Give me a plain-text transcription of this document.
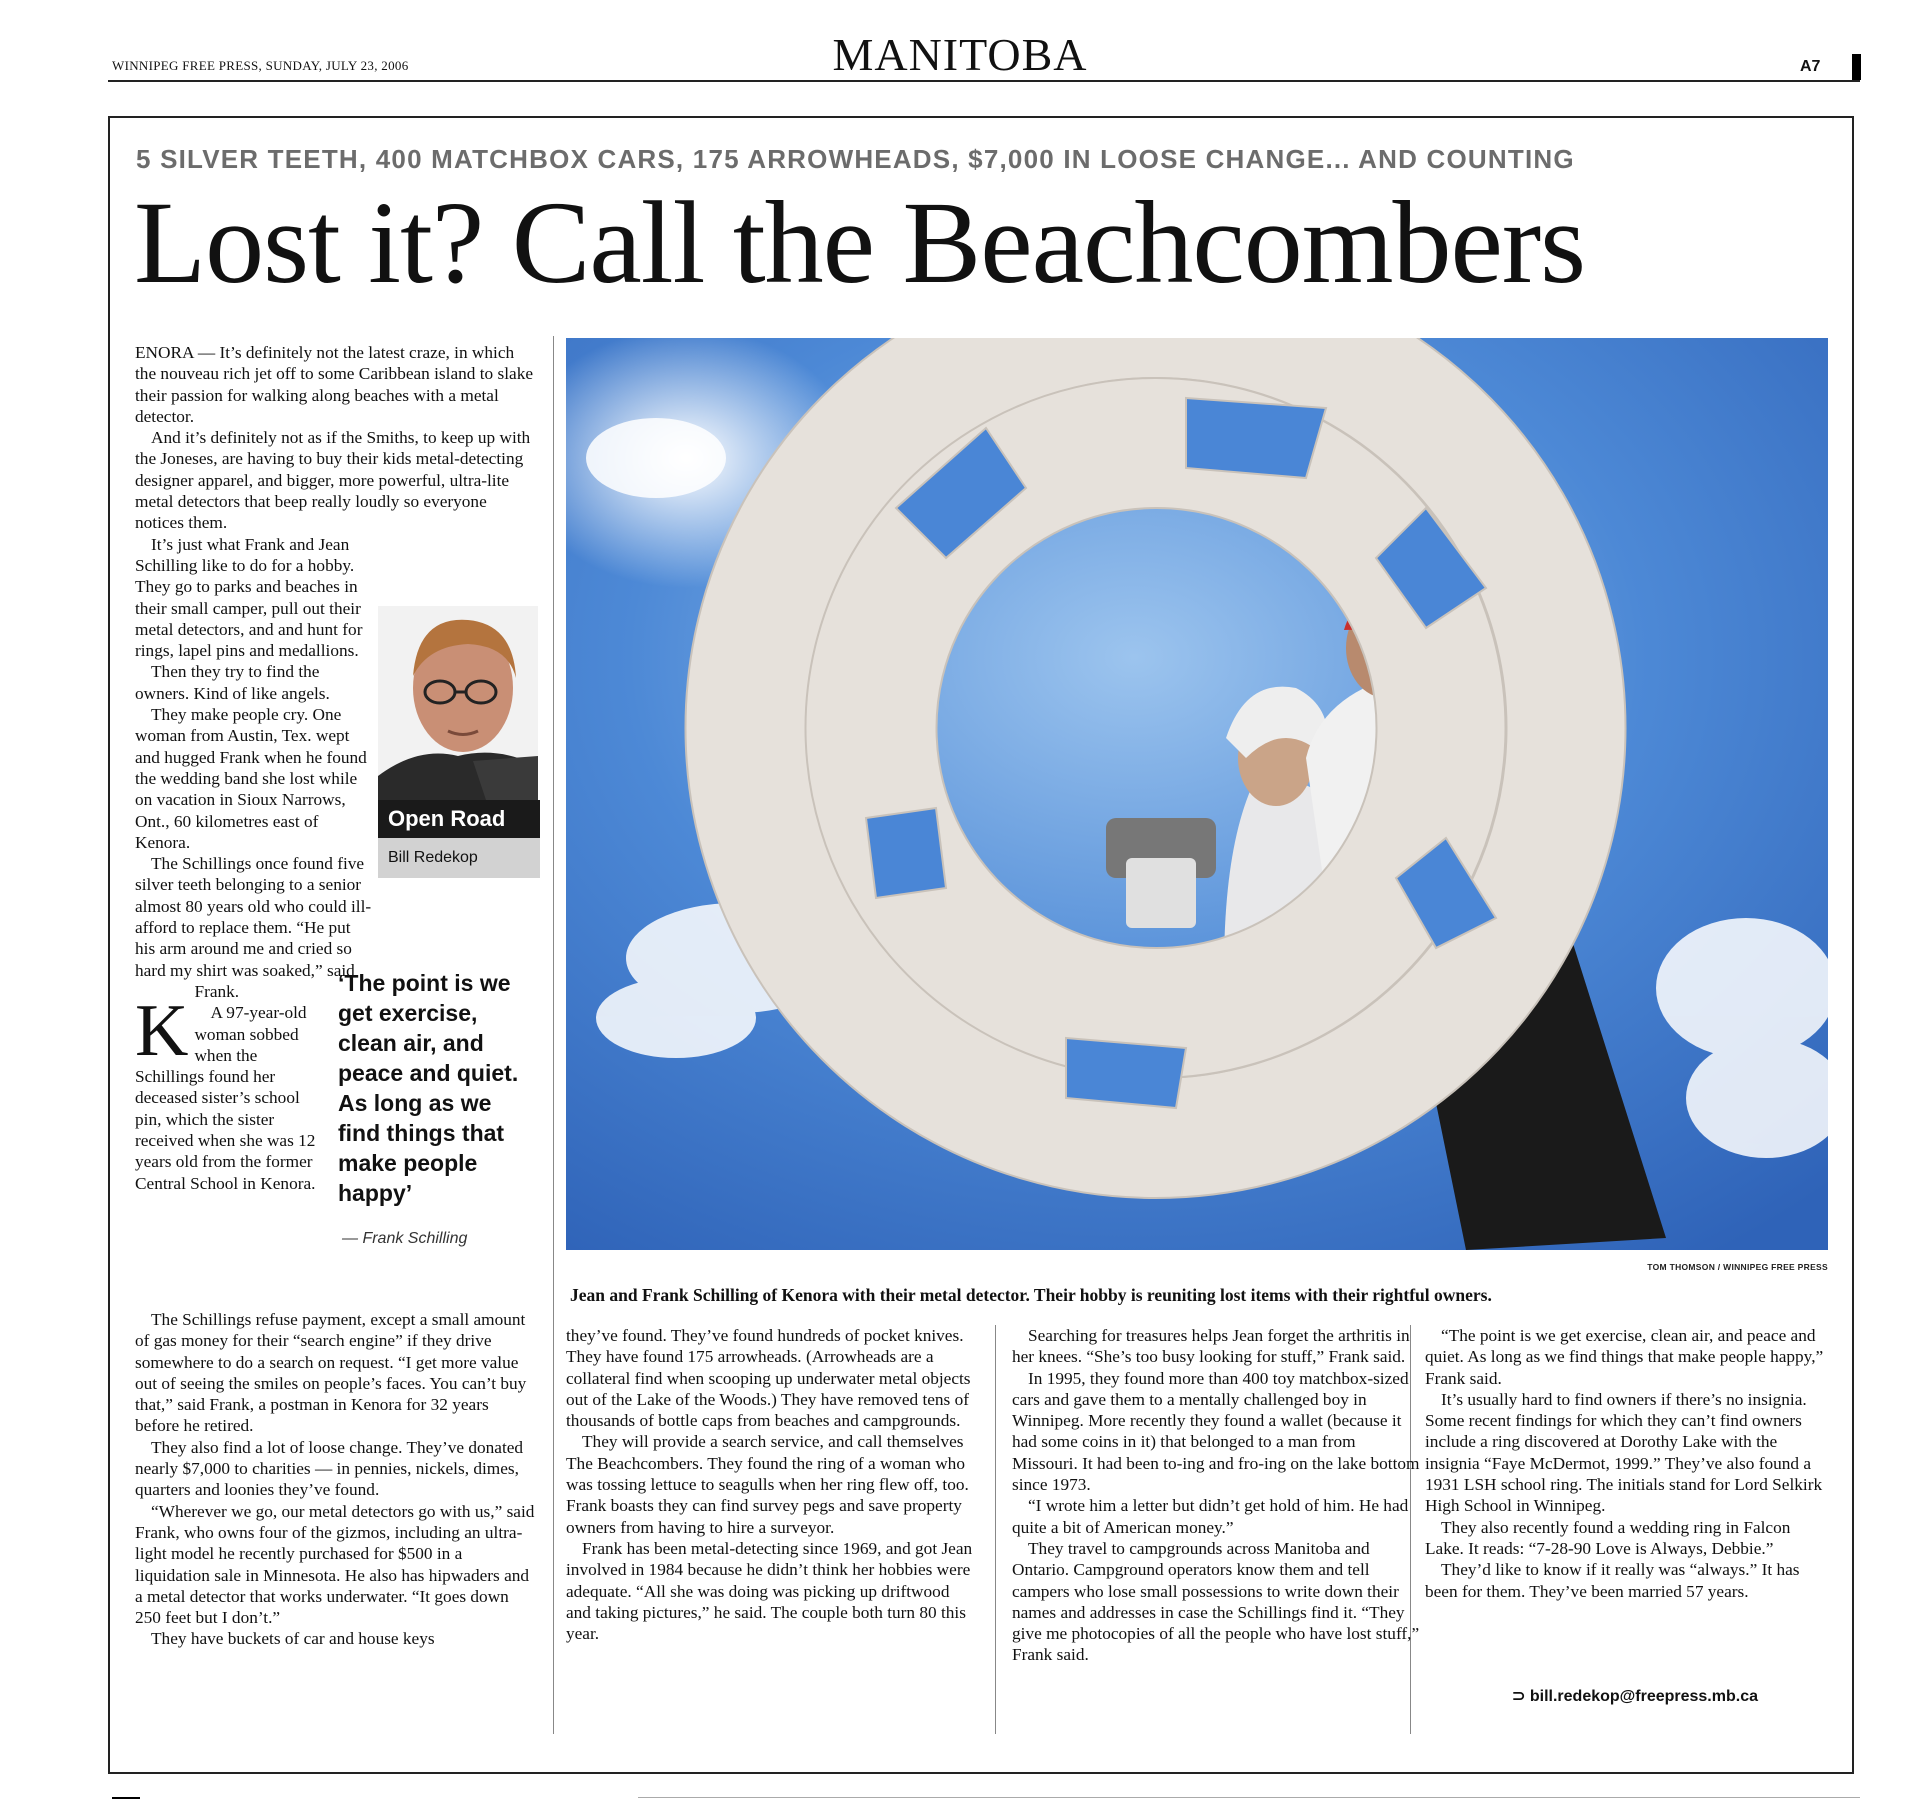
WINNIPEG FREE PRESS, SUNDAY, JULY 23, 2006	MANITOBA	A7
5 SILVER TEETH, 400 MATCHBOX CARS, 175 ARROWHEADS, $7,000 IN LOOSE CHANGE... AND COUNTING
Lost it? Call the Beachcombers
K

ENORA — It’s definitely not the latest craze, in which the nouveau rich jet off to some Caribbean island to slake their passion for walking along beaches with a metal detector.

And it’s definitely not as if the Smiths, to keep up with the Joneses, are having to buy their kids metal-detecting designer apparel, and bigger, more powerful, ultra-lite metal detectors that beep really loudly so everyone notices them.

It’s just what Frank and Jean Schilling like to do for a hobby. They go to parks and beaches in their small camper, pull out their metal detectors, and and hunt for rings, lapel pins and medallions.

Then they try to find the owners. Kind of like angels.

They make people cry. One woman from Austin, Tex. wept and hugged Frank when he found the wedding band she lost while on vacation in Sioux Narrows, Ont., 60 kilometres east of Kenora.

The Schillings once found five silver teeth belonging to a senior almost 80 years old who could ill-afford to replace them. “He put his arm around me and cried so hard my shirt was soaked,” said Frank.

A 97-year-old woman sobbed when the Schillings found her deceased sister’s school pin, which the sister received when she was 12 years old from the former Central School in Kenora.

Open Road
Bill Redekop
‘The point is we get exercise, clean air, and peace and quiet. As long as we find things that make people happy’
— Frank Schilling

The Schillings refuse payment, except a small amount of gas money for their “search engine” if they drive somewhere to do a search on request. “I get more value out of seeing the smiles on people’s faces. You can’t buy that,” said Frank, a postman in Kenora for 32 years before he retired.

They also find a lot of loose change. They’ve donated nearly $7,000 to charities — in pennies, nickels, dimes, quarters and loonies they’ve found.

“Wherever we go, our metal detectors go with us,” said Frank, who owns four of the gizmos, including an ultra-light model he recently purchased for $500 in a liquidation sale in Minnesota. He also has hipwaders and a metal detector that works underwater. “It goes down 250 feet but I don’t.”

They have buckets of car and house keys

TOM THOMSON / WINNIPEG FREE PRESS
Jean and Frank Schilling of Kenora with their metal detector. Their hobby is reuniting lost items with their rightful owners.

they’ve found. They’ve found hundreds of pocket knives. They have found 175 arrowheads. (Arrowheads are a collateral find when scooping up underwater metal objects out of the Lake of the Woods.) They have removed tens of thousands of bottle caps from beaches and campgrounds.

They will provide a search service, and call themselves The Beachcombers. They found the ring of a woman who was tossing lettuce to seagulls when her ring flew off, too. Frank boasts they can find survey pegs and save property owners from having to hire a surveyor.

Frank has been metal-detecting since 1969, and got Jean involved in 1984 because he didn’t think her hobbies were adequate. “All she was doing was picking up driftwood and taking pictures,” he said. The couple both turn 80 this year.

Searching for treasures helps Jean forget the arthritis in her knees. “She’s too busy looking for stuff,” Frank said.

In 1995, they found more than 400 toy matchbox-sized cars and gave them to a mentally challenged boy in Winnipeg. More recently they found a wallet (because it had some coins in it) that belonged to a man from Missouri. It had been to-ing and fro-ing on the lake bottom since 1973.

“I wrote him a letter but didn’t get hold of him. He had quite a bit of American money.”

They travel to campgrounds across Manitoba and Ontario. Campground operators know them and tell campers who lose small possessions to write down their names and addresses in case the Schillings find it. “They give me photocopies of all the people who have lost stuff,” Frank said.

“The point is we get exercise, clean air, and peace and quiet. As long as we find things that make people happy,” Frank said.

It’s usually hard to find owners if there’s no insignia. Some recent findings for which they can’t find owners include a ring discovered at Dorothy Lake with the insignia “Faye McDermot, 1999.” They’ve also found a 1931 LSH school ring. The initials stand for Lord Selkirk High School in Winnipeg.

They also recently found a wedding ring in Falcon Lake. It reads: “7-28-90 Love is Always, Debbie.”

They’d like to know if it really was “always.” It has been for them. They’ve been married 57 years.

⊃ bill.redekop@freepress.mb.ca
